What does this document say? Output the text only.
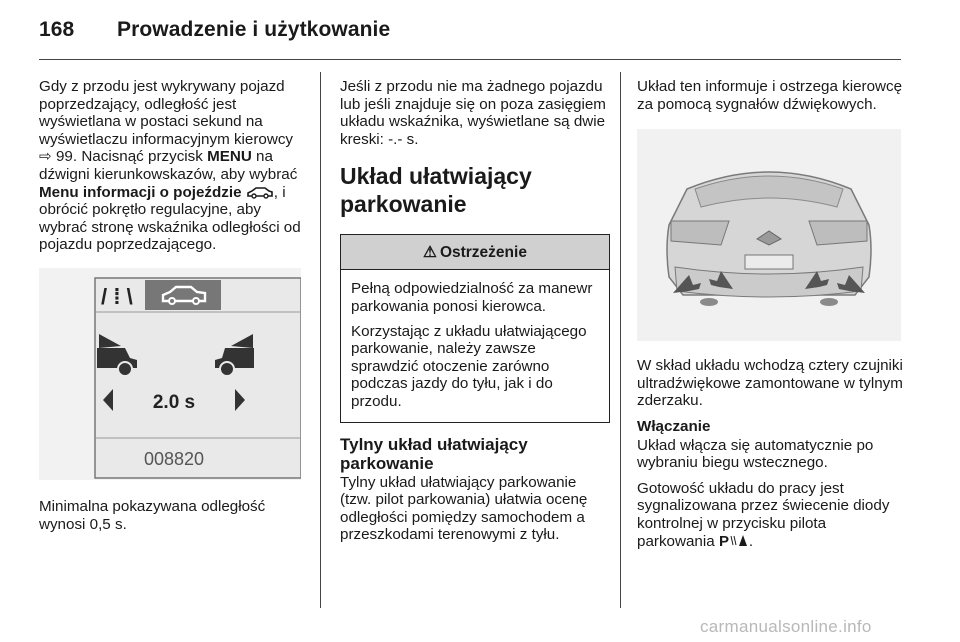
168 Prowadzenie i użytkowanie

Gdy z przodu jest wykrywany pojazd poprzedzający, odległość jest wyświetlana w postaci sekund na wyświetlaczu informacyjnym kierowcy ⇨ 99. Nacisnąć przycisk MENU na dźwigni kierunkowskazów, aby wybrać Menu informacji o pojeździe , i obrócić pokrętło regulacyjne, aby wybrać stronę wskaźnika odległości od pojazdu poprzedzającego.

/ ⁞ \
2.0 s
008820

Minimalna pokazywana odległość wynosi 0,5 s.

Jeśli z przodu nie ma żadnego pojazdu lub jeśli znajduje się on poza zasięgiem układu wskaźnika, wyświetlane są dwie kreski: -.- s.

Układ ułatwiający parkowanie
⚠ Ostrzeżenie

Pełną odpowiedzialność za manewr parkowania ponosi kierowca.

Korzystając z układu ułatwiającego parkowanie, należy zawsze sprawdzić otoczenie zarówno podczas jazdy do tyłu, jak i do przodu.

Tylny układ ułatwiający parkowanie

Tylny układ ułatwiający parkowanie (tzw. pilot parkowania) ułatwia ocenę odległości pomiędzy samochodem a przeszkodami terenowymi z tyłu.

Układ ten informuje i ostrzega kierowcę za pomocą sygnałów dźwiękowych.

W skład układu wchodzą cztery czujniki ultradźwiękowe zamontowane w tylnym zderzaku.

Włączanie

Układ włącza się automatycznie po wybraniu biegu wstecznego.

Gotowość układu do pracy jest sygnalizowana przez świecenie diody kontrolnej w przycisku pilota parkowania P .

carmanualsonline.info
